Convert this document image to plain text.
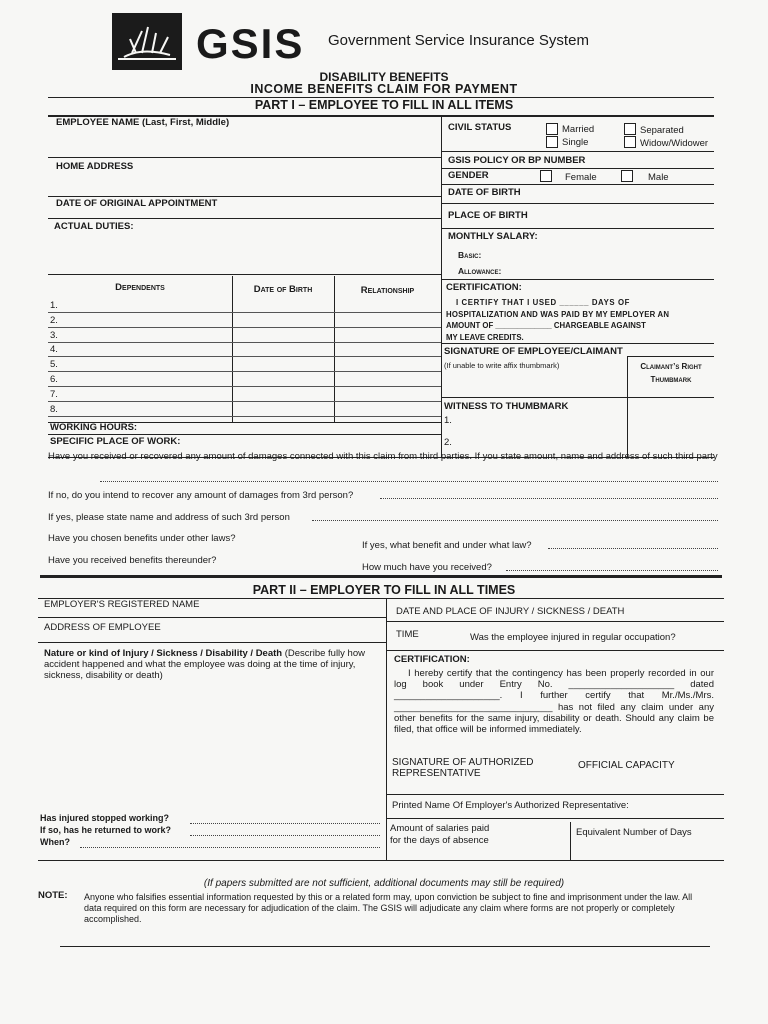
GSIS Government Service Insurance System
DISABILITY BENEFITS
INCOME BENEFITS CLAIM FOR PAYMENT
PART I – EMPLOYEE TO FILL IN ALL ITEMS
EMPLOYEE NAME (Last, First, Middle)
HOME ADDRESS
DATE OF ORIGINAL APPOINTMENT
ACTUAL DUTIES:
Dependents	Date of Birth	Relationship
1.
2.
3.
4.
5.
6.
7.
8.
WORKING HOURS:
SPECIFIC PLACE OF WORK:
CIVIL STATUS	Married	Separated
Single	Widow/Widower
GSIS POLICY OR BP NUMBER
GENDER	Female	Male
DATE OF BIRTH
PLACE OF BIRTH
MONTHLY SALARY:
Basic:
Allowance:
CERTIFICATION:
I CERTIFY THAT I USED ______ DAYS OF
HOSPITALIZATION AND WAS PAID BY MY EMPLOYER AN
AMOUNT OF _____________ CHARGEABLE AGAINST
MY LEAVE CREDITS.
SIGNATURE OF EMPLOYEE/CLAIMANT
(If unable to write affix thumbmark)	Claimant’s Right
Thumbmark
WITNESS TO THUMBMARK
1.
2.
Have you received or recovered any amount of damages connected with this claim from third parties. If you state amount, name and address of such third party
If no, do you intend to recover any amount of damages from 3rd person?
If yes, please state name and address of such 3rd person
Have you chosen benefits under other laws?
If yes, what benefit and under what law?
Have you received benefits thereunder?
How much have you received?
PART II – EMPLOYER TO FILL IN ALL TIMES
EMPLOYER'S REGISTERED NAME
DATE AND PLACE OF INJURY / SICKNESS / DEATH
ADDRESS OF EMPLOYEE
TIME	Was the employee injured in regular occupation?
Nature or kind of Injury / Sickness / Disability / Death (Describe fully how accident happened and what the employee was doing at the time of injury, sickness, disability or death)
CERTIFICATION:
I hereby certify that the contingency has been properly recorded in our log book under Entry No. ____________________ dated ____________________. I further certify that Mr./Ms./Mrs. ______________________________ has not filed any claim under any other benefits for the same injury, disability or death. Should any claim be filed, that office will be informed immediately.
SIGNATURE OF AUTHORIZED
REPRESENTATIVE
OFFICIAL CAPACITY
Printed Name Of Employer's Authorized Representative:
Has injured stopped working?
If so, has he returned to work?
When?
Amount of salaries paid
for the days of absence
Equivalent Number of Days
(If papers submitted are not sufficient, additional documents may still be required)
NOTE: Anyone who falsifies essential information requested by this or a related form may, upon conviction be subject to fine and imprisonment under the law. All data required on this form are necessary for adjudication of the claim. The GSIS will adjudicate any claim where forms are not properly or completely accomplished.
